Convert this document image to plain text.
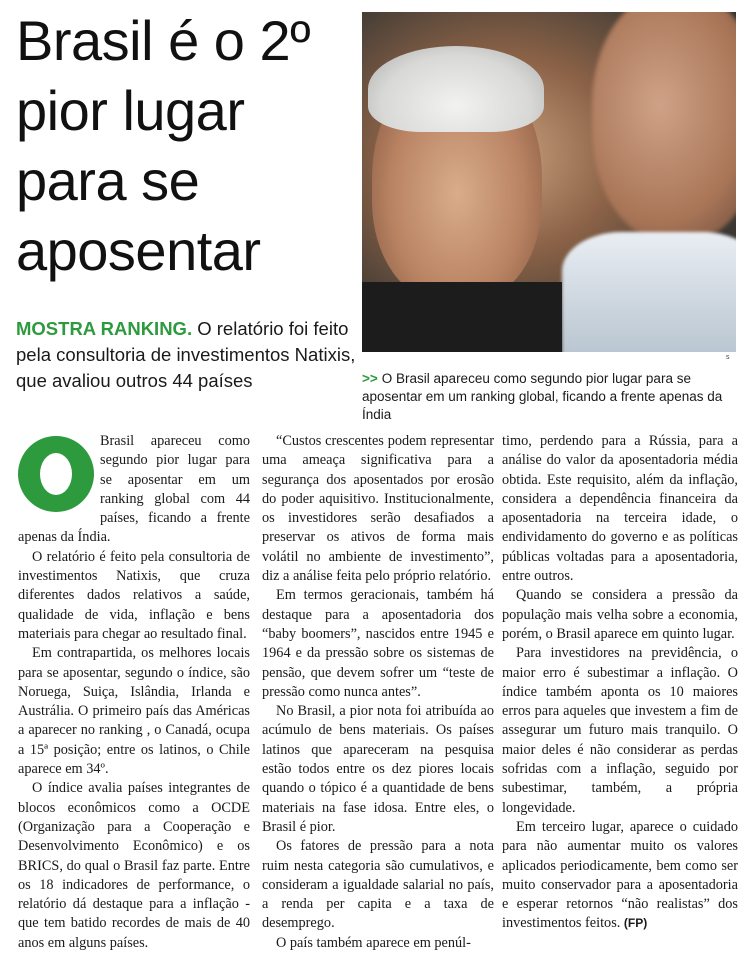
Brasil é o 2º pior lugar para se aposentar
s
MOSTRA RANKING. O relatório foi feito pela consultoria de investimentos Natixis, que avaliou outros 44 países	>> O Brasil apareceu como segundo pior lugar para se aposentar em um ranking global, ficando a frente apenas da Índia

Brasil apareceu como segundo pior lugar para se aposentar em um ranking global com 44 países, ficando a frente apenas da Índia.

O relatório é feito pela consultoria de investimentos Natixis, que cruza diferentes dados relativos a saúde, qualidade de vida, inflação e bens materiais para chegar ao resultado final.

Em contrapartida, os melhores locais para se aposentar, segundo o índice, são Noruega, Suiça, Islândia, Irlanda e Austrália. O primeiro país das Américas a aparecer no ranking , o Canadá, ocupa a 15ª posição; entre os latinos, o Chile aparece em 34º.

O índice avalia países integrantes de blocos econômicos como a OCDE (Organização para a Cooperação e Desenvolvimento Econômico) e os BRICS, do qual o Brasil faz parte. Entre os 18 indicadores de performance, o relatório dá destaque para a inflação -que tem batido recordes de mais de 40 anos em alguns países.

“Custos crescentes podem representar uma ameaça significativa para a segurança dos aposentados por erosão do poder aquisitivo. Institucionalmente, os investidores serão desafiados a preservar os ativos de forma mais volátil no ambiente de investimento”, diz a análise feita pelo próprio relatório.

Em termos geracionais, também há destaque para a aposentadoria dos “baby boomers”, nascidos entre 1945 e 1964 e da pressão sobre os sistemas de pensão, que devem sofrer um “teste de pressão como nunca antes”.

No Brasil, a pior nota foi atribuída ao acúmulo de bens materiais. Os países latinos que apareceram na pesquisa estão todos entre os dez piores locais quando o tópico é a quantidade de bens materiais na fase idosa. Entre eles, o Brasil é pior.

Os fatores de pressão para a nota ruim nesta categoria são cumulativos, e consideram a igualdade salarial no país, a renda per capita e a taxa de desemprego.

O país também aparece em penúl-

timo, perdendo para a Rússia, para a análise do valor da aposentadoria média obtida. Este requisito, além da inflação, considera a dependência financeira da aposentadoria na terceira idade, o endividamento do governo e as políticas públicas voltadas para a aposentadoria, entre outros.

Quando se considera a pressão da população mais velha sobre a economia, porém, o Brasil aparece em quinto lugar.

Para investidores na previdência, o maior erro é subestimar a inflação. O índice também aponta os 10 maiores erros para aqueles que investem a fim de assegurar um futuro mais tranquilo. O maior deles é não considerar as perdas sofridas com a inflação, seguido por subestimar, também, a própria longevidade.

Em terceiro lugar, aparece o cuidado para não aumentar muito os valores aplicados periodicamente, bem como ser muito conservador para a aposentadoria e esperar retornos “não realistas” dos investimentos feitos. (FP)
